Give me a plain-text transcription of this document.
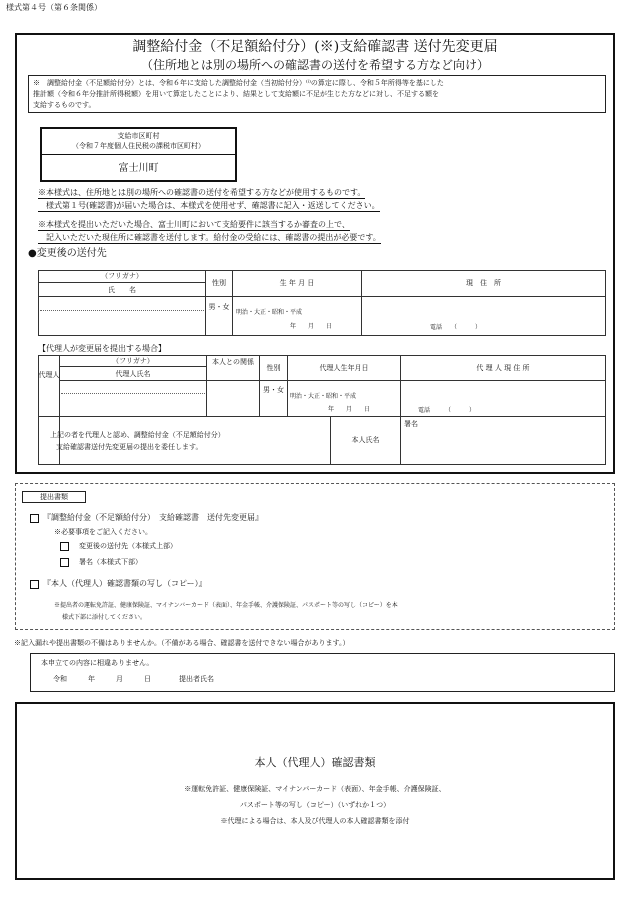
様式第４号（第６条関係）
調整給付金（不足額給付分）(※)支給確認書 送付先変更届
（住所地とは別の場所への確認書の送付を希望する方など向け）
※　調整給付金（不足額給付分）とは、令和６年に支給した調整給付金（当初給付分）⁽ⁱ⁾の算定に際し、令和５年所得等を基にした
推計額（令和６年分推計所得税額）を用いて算定したことにより、結果として支給額に不足が生じた方などに対し、不足する額を
支給するものです。
支給市区町村
（令和７年度個人住民税の課税市区町村）
富士川町
※本様式は、住所地とは別の場所への確認書の送付を希望する方などが使用するものです。
　様式第１号(確認書)が届いた場合は、本様式を使用せず、確認書に記入・返送してください。
※本様式を提出いただいた場合、富士川町において支給要件に該当するか審査の上で、
　記入いただいた現住所に確認書を送付します。給付金の受給には、確認書の提出が必要です。
●変更後の送付先
（フリガナ）
氏　　名
性別
男・女
生 年 月 日
明治・大正・昭和・平成
年　　月　　日
現　住　所
電話　　（　　　）
【代理人が変更届を提出する場合】
代理人
（フリガナ）
代理人氏名
本人との関係
性別
男・女
代理人生年月日
明治・大正・昭和・平成
年　　月　　日
代 理 人 現 住 所
電話　　　（　　　）
上記の者を代理人と認め、調整給付金（不足額給付分）
支給確認書送付先変更届の提出を委任します。
本人氏名
署名
提出書類
『調整給付金（不足額給付分）　支給確認書　送付先変更届』
※必要事項をご記入ください。
変更後の送付先（本様式上部）
署名（本様式下部）
『本人（代理人）確認書類の写し（コピー）』
※提出者の運転免許証、健康保険証、マイナンバーカード（表面）、年金手帳、介護保険証、パスポート等の写し（コピー）を本
様式下部に添付してください。
※記入漏れや提出書類の不備はありませんか。（不備がある場合、確認書を送付できない場合があります。）
本申立ての内容に相違ありません。
令和　　　年　　　月　　　日　　　　提出者氏名
本人（代理人）確認書類
※運転免許証、健康保険証、マイナンバーカード（表面）、年金手帳、介護保険証、
パスポート等の写し（コピー）（いずれか１つ）
※代理による場合は、本人及び代理人の本人確認書類を添付
